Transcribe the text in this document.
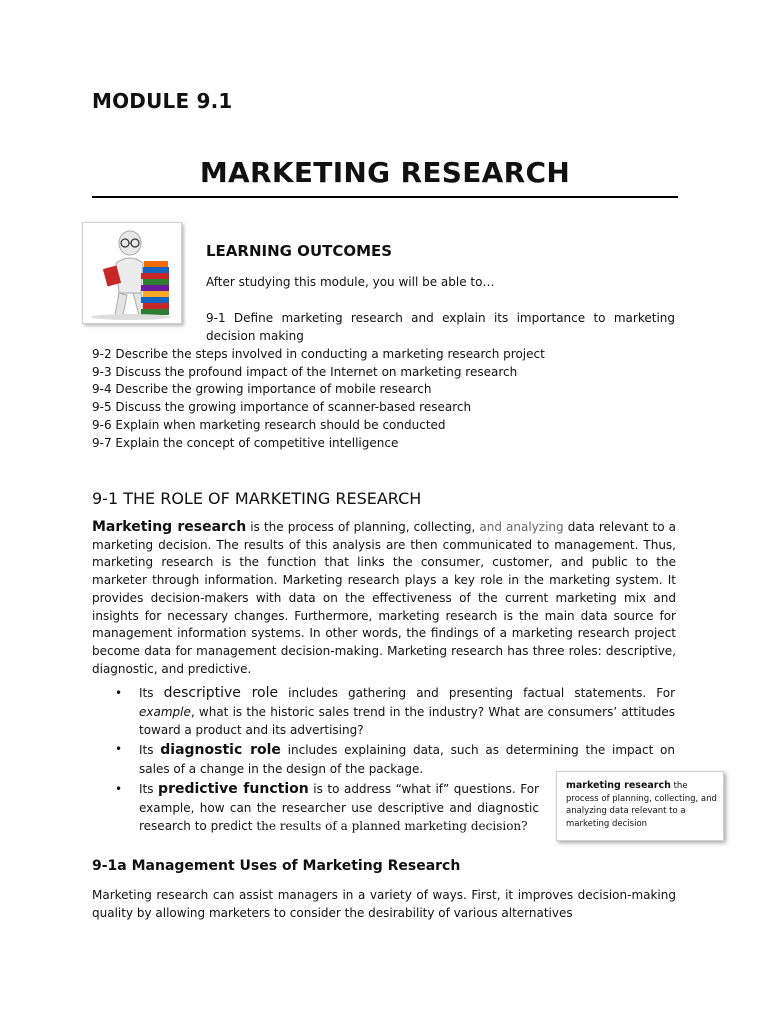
MODULE 9.1
MARKETING RESEARCH
LEARNING OUTCOMES
After studying this module, you will be able to…
9-1 Define marketing research and explain its importance to marketing decision making
9-2 Describe the steps involved in conducting a marketing research project
9-3 Discuss the profound impact of the Internet on marketing research
9-4 Describe the growing importance of mobile research
9-5 Discuss the growing importance of scanner-based research
9-6 Explain when marketing research should be conducted
9-7 Explain the concept of competitive intelligence
9-1 THE ROLE OF MARKETING RESEARCH
Marketing research is the process of planning, collecting, and analyzing data relevant to a marketing decision. The results of this analysis are then communicated to management. Thus, marketing research is the function that links the consumer, customer, and public to the marketer through information. Marketing research plays a key role in the marketing system. It provides decision-makers with data on the effectiveness of the current marketing mix and insights for necessary changes. Furthermore, marketing research is the main data source for management information systems. In other words, the findings of a marketing research project become data for management decision-making. Marketing research has three roles: descriptive, diagnostic, and predictive.
•	Its descriptive role includes gathering and presenting factual statements. For example, what is the historic sales trend in the industry? What are consumers’ attitudes toward a product and its advertising?
•	Its diagnostic role includes explaining data, such as determining the impact on sales of a change in the design of the package.
•	Its predictive function is to address “what if” questions. For example, how can the researcher use descriptive and diagnostic research to predict the results of a planned marketing decision?
marketing research the process of planning, collecting, and analyzing data relevant to a marketing decision
9-1a Management Uses of Marketing Research
Marketing research can assist managers in a variety of ways. First, it improves decision-making quality by allowing marketers to consider the desirability of various alternatives
